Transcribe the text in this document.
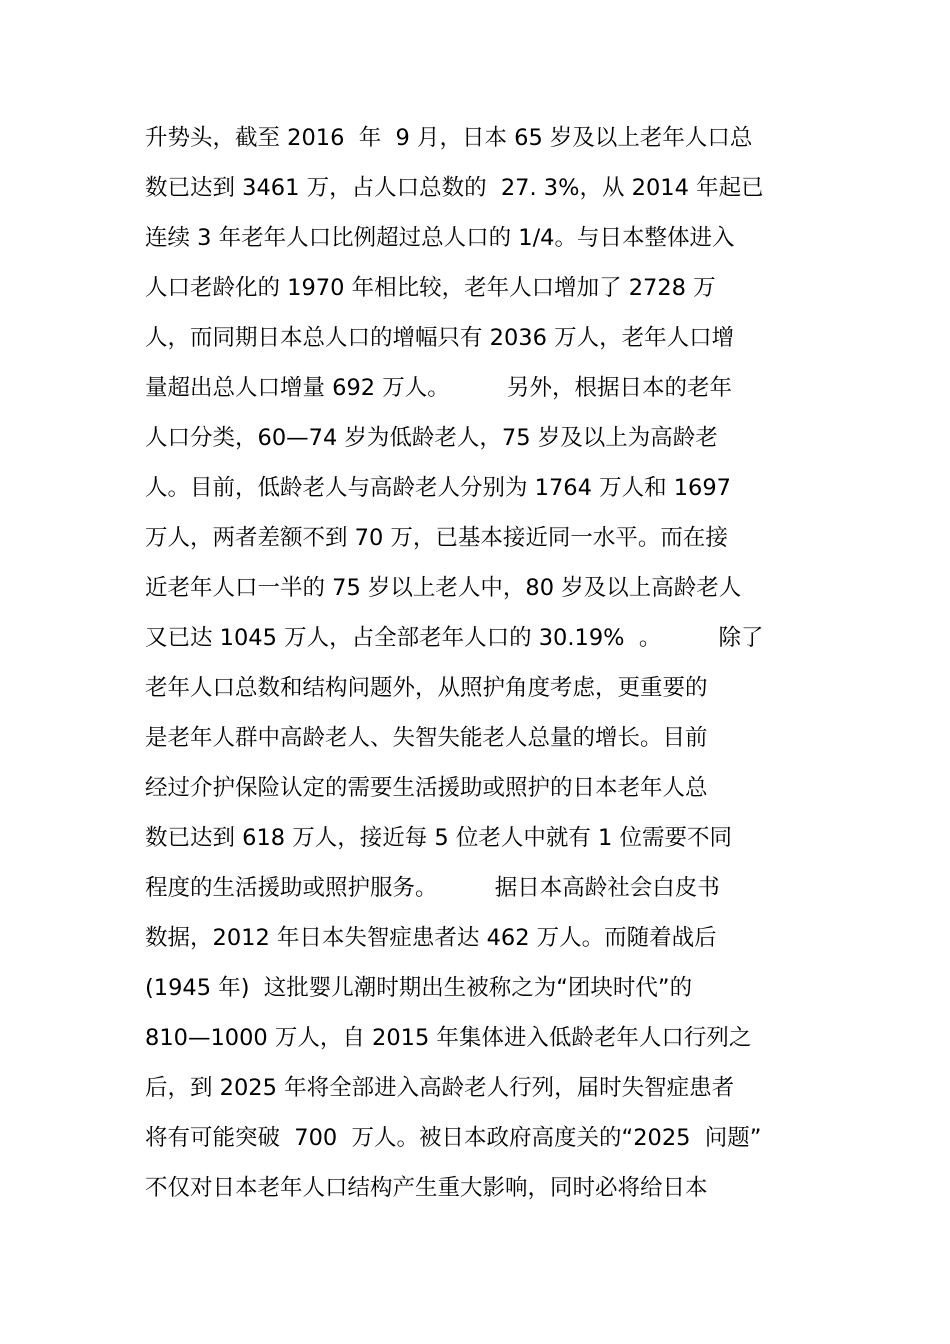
升势头，截至 2016  年  9 月，日本 65 岁及以上老年人口总
数已达到 3461 万，占人口总数的  27. 3%，从 2014 年起已
连续 3 年老年人口比例超过总人口的 1/4。与日本整体进入
人口老龄化的 1970 年相比较，老年人口增加了 2728 万
人，而同期日本总人口的增幅只有 2036 万人，老年人口增
量超出总人口增量 692 万人。        另外，根据日本的老年
人口分类，60—74 岁为低龄老人，75 岁及以上为高龄老
人。目前，低龄老人与高龄老人分别为 1764 万人和 1697
万人，两者差额不到 70 万，已基本接近同一水平。而在接
近老年人口一半的 75 岁以上老人中，80 岁及以上高龄老人
又已达 1045 万人，占全部老年人口的 30.19%  。        除了
老年人口总数和结构问题外，从照护角度考虑，更重要的
是老年人群中高龄老人、失智失能老人总量的增长。目前
经过介护保险认定的需要生活援助或照护的日本老年人总
数已达到 618 万人，接近每 5 位老人中就有 1 位需要不同
程度的生活援助或照护服务。        据日本高龄社会白皮书
数据，2012 年日本失智症患者达 462 万人。而随着战后
(1945 年)  这批婴儿潮时期出生被称之为“团块时代”的
810—1000 万人，自 2015 年集体进入低龄老年人口行列之
后，到 2025 年将全部进入高龄老人行列，届时失智症患者
将有可能突破  700  万人。被日本政府高度关的“2025  问题”
不仅对日本老年人口结构产生重大影响，同时必将给日本
